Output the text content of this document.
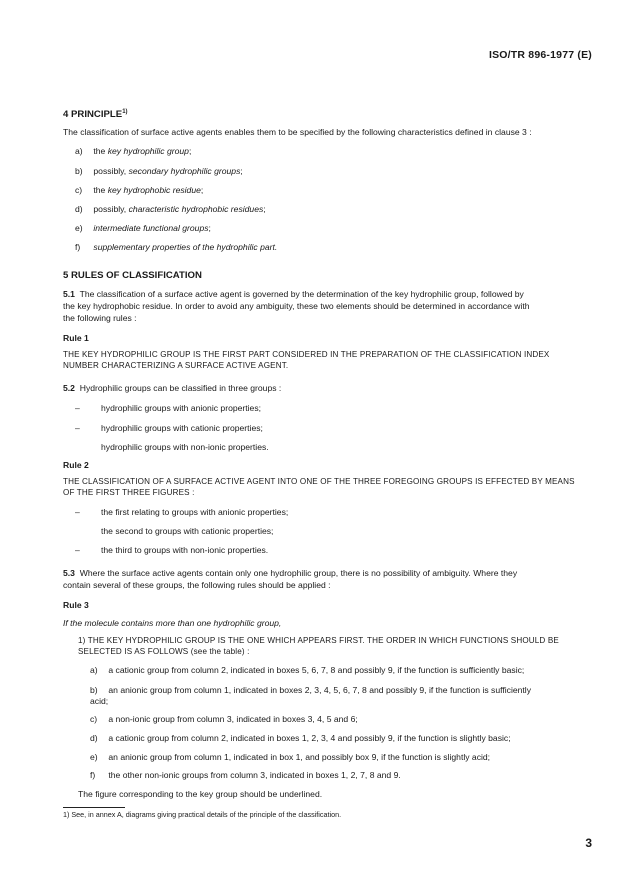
ISO/TR 896-1977 (E)
4 PRINCIPLE$^{1)}$
The classification of surface active agents enables them to be specified by the following characteristics defined in clause 3 :
a) the key hydrophilic group;
b) possibly, secondary hydrophilic groups;
c) the key hydrophobic residue;
d) possibly, characteristic hydrophobic residues;
e) intermediate functional groups;
f) supplementary properties of the hydrophilic part.
5 RULES OF CLASSIFICATION
5.1 The classification of a surface active agent is governed by the determination of the key hydrophilic group, followed by
the key hydrophobic residue. In order to avoid any ambiguity, these two elements should be determined in accordance with
the following rules :
Rule 1
THE KEY HYDROPHILIC GROUP IS THE FIRST PART CONSIDERED IN THE PREPARATION OF THE CLASSIFICATION INDEX
NUMBER CHARACTERIZING A SURFACE ACTIVE AGENT.
5.2 Hydrophilic groups can be classified in three groups :
– hydrophilic groups with anionic properties;
– hydrophilic groups with cationic properties;
hydrophilic groups with non-ionic properties.
Rule 2
THE CLASSIFICATION OF A SURFACE ACTIVE AGENT INTO ONE OF THE THREE FOREGOING GROUPS IS EFFECTED BY MEANS
OF THE FIRST THREE FIGURES :
– the first relating to groups with anionic properties;
the second to groups with cationic properties;
– the third to groups with non-ionic properties.
5.3 Where the surface active agents contain only one hydrophilic group, there is no possibility of ambiguity. Where they
contain several of these groups, the following rules should be applied :
Rule 3
If the molecule contains more than one hydrophilic group,
1) THE KEY HYDROPHILIC GROUP IS THE ONE WHICH APPEARS FIRST. THE ORDER IN WHICH FUNCTIONS SHOULD BE
SELECTED IS AS FOLLOWS (see the table) :
a) a cationic group from column 2, indicated in boxes 5, 6, 7, 8 and possibly 9, if the function is sufficiently basic;
b) an anionic group from column 1, indicated in boxes 2, 3, 4, 5, 6, 7, 8 and possibly 9, if the function is sufficiently
acid;
c) a non-ionic group from column 3, indicated in boxes 3, 4, 5 and 6;
d) a cationic group from column 2, indicated in boxes 1, 2, 3, 4 and possibly 9, if the function is slightly basic;
e) an anionic group from column 1, indicated in box 1, and possibly box 9, if the function is slightly acid;
f) the other non-ionic groups from column 3, indicated in boxes 1, 2, 7, 8 and 9.
The figure corresponding to the key group should be underlined.
1) See, in annex A, diagrams giving practical details of the principle of the classification.
3
